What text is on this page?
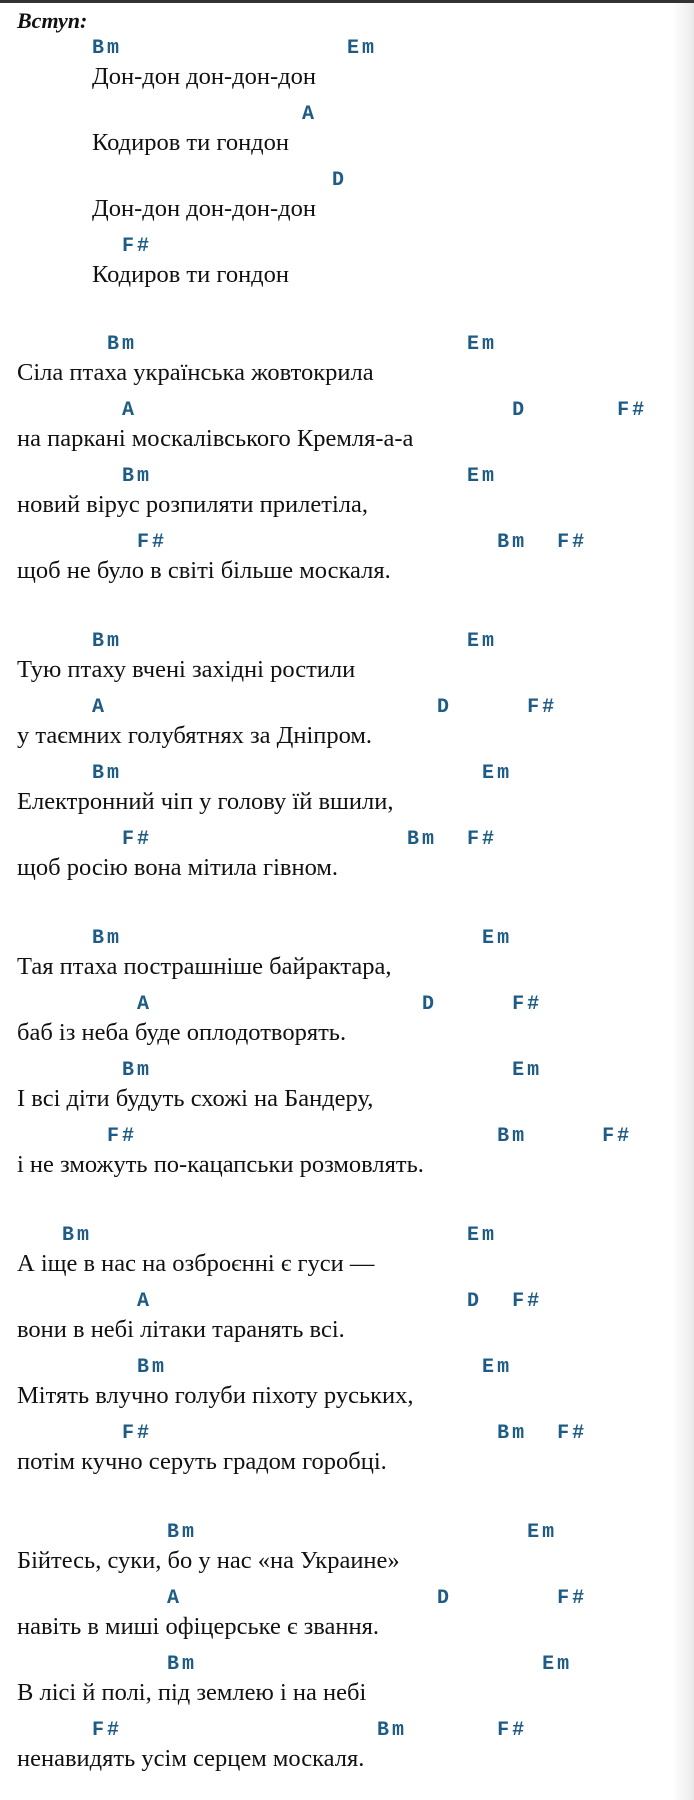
Вступ:
Bm               Em
Дон-дон дон-дон-дон
A
Кодиров ти гондон
D
Дон-дон дон-дон-дон
F#
Кодиров ти гондон
Bm                      Em
Сіла птаха українська жовтокрила
A                         D      F#
на паркані москалівського Кремля-а-а
Bm                     Em
новий вірус розпиляти прилетіла,
F#                      Bm  F#
щоб не було в світі більше москаля.
Bm                       Em
Тую птаху вчені західні ростили
A                      D     F#
у таємних голубятнях за Дніпром.
Bm                        Em
Електронний чіп у голову їй вшили,
F#                 Bm  F#
щоб росію вона мітила гівном.
Bm                        Em
Тая птаха пострашніше байрактара,
A                  D     F#
баб із неба буде оплодотворять.
Bm                        Em
І всі діти будуть схожі на Бандеру,
F#                        Bm     F#
і не зможуть по-кацапськи розмовлять.
Bm                         Em
А іще в нас на озброєнні є гуси —
A                     D  F#
вони в небі літаки таранять всі.
Bm                     Em
Мітять влучно голуби піхоту руських,
F#                       Bm  F#
потім кучно серуть градом горобці.
Bm                      Em
Бійтесь, суки, бо у нас «на Украине»
A                 D       F#
навіть в миші офіцерське є звання.
Bm                       Em
В лісі й полі, під землею і на небі
F#                 Bm      F#
ненавидять усім серцем москаля.
